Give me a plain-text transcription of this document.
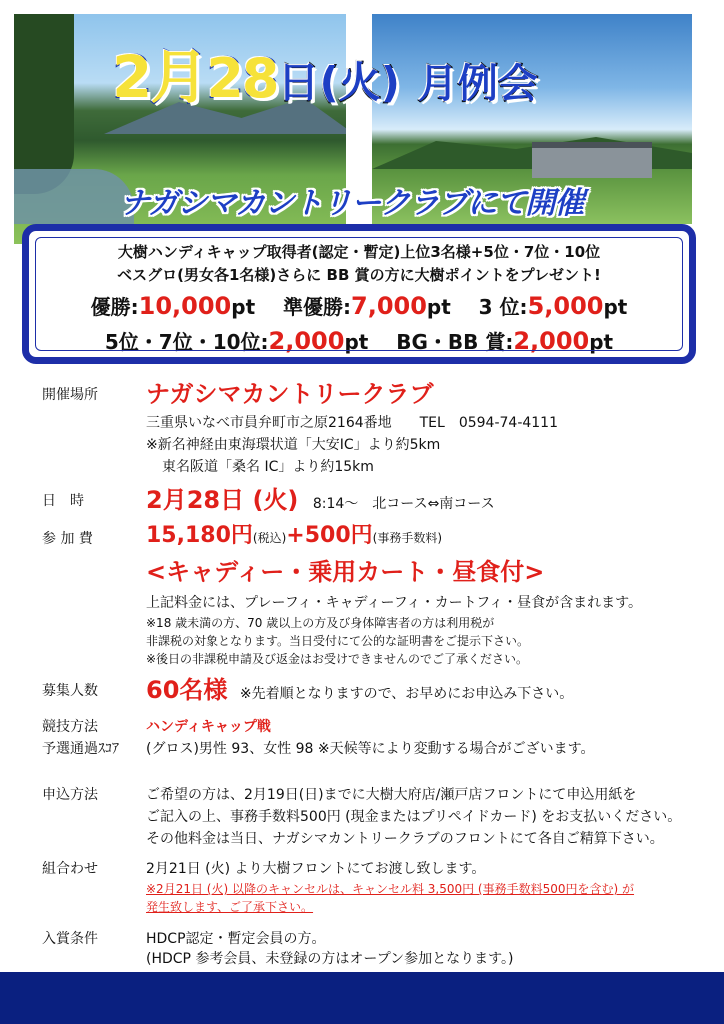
2月28日(火) 月例会
ナガシマカントリークラブにて開催
大樹ハンディキャップ取得者(認定・暫定)上位3名様+5位・7位・10位
ベスグロ(男女各1名様)さらに BB 賞の方に大樹ポイントをプレゼント!
優勝:10,000pt 準優勝:7,000pt 3 位:5,000pt
5位・7位・10位:2,000pt BG・BB 賞:2,000pt
開催場所 ナガシマカントリークラブ
三重県いなべ市員弁町市之原2164番地　　TEL　0594-74-4111
※新名神経由東海環状道「大安IC」より約5km
東名阪道「桑名 IC」より約15km
日　時	2月28日 (火) 8:14～　北コース⇔南コース
参 加 費 15,180円(税込)+500円(事務手数料)
<キャディー・乗用カート・昼食付>
上記料金には、プレーフィ・キャディーフィ・カートフィ・昼食が含まれます。
※18 歳未満の方、70 歳以上の方及び身体障害者の方は利用税が
非課税の対象となります。当日受付にて公的な証明書をご提示下さい。
※後日の非課税申請及び返金はお受けできませんのでご了承ください。
募集人数 60名様 ※先着順となりますので、お早めにお申込み下さい。
競技方法	ハンディキャップ戦
予選通過ｽｺｱ (グロス)男性 93、女性 98 ※天候等により変動する場合がございます。
申込方法	ご希望の方は、2月19日(日)までに大樹大府店/瀬戸店フロントにて申込用紙を
ご記入の上、事務手数料500円 (現金またはプリペイドカード) をお支払いください。
その他料金は当日、ナガシマカントリークラブのフロントにて各自ご精算下さい。
組合わせ	2月21日 (火) より大樹フロントにてお渡し致します。
※2月21日 (火) 以降のキャンセルは、キャンセル料 3,500円 (事務手数料500円を含む) が
発生致します、ご了承下さい。
入賞条件	HDCP認定・暫定会員の方。
(HDCP 参考会員、未登録の方はオープン参加となります。)
